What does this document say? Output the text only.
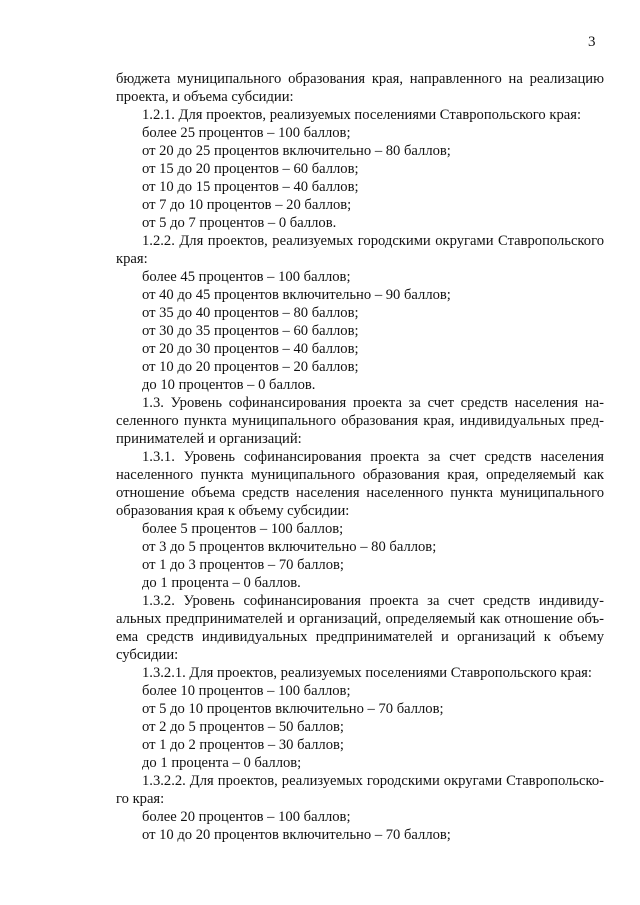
3
бюджета муниципального образования края, направленного на реализацию
проекта, и объема субсидии:
1.2.1. Для проектов, реализуемых поселениями Ставропольского края:
более 25 процентов – 100 баллов;
от 20 до 25 процентов включительно – 80 баллов;
от 15 до 20 процентов – 60 баллов;
от 10 до 15 процентов – 40 баллов;
от 7 до 10 процентов – 20 баллов;
от 5 до 7 процентов – 0 баллов.
1.2.2. Для проектов, реализуемых городскими округами Ставропольского
края:
более 45 процентов – 100 баллов;
от 40 до 45 процентов включительно – 90 баллов;
от 35 до 40 процентов – 80 баллов;
от 30 до 35 процентов – 60 баллов;
от 20 до 30 процентов – 40 баллов;
от 10 до 20 процентов – 20 баллов;
до 10 процентов – 0 баллов.
1.3. Уровень софинансирования проекта за счет средств населения на-
селенного пункта муниципального образования края, индивидуальных пред-
принимателей и организаций:
1.3.1. Уровень софинансирования проекта за счет средств населения
населенного пункта муниципального образования края, определяемый как
отношение объема средств населения населенного пункта муниципального
образования края к объему субсидии:
более 5 процентов – 100 баллов;
от 3 до 5 процентов включительно – 80 баллов;
от 1 до 3 процентов – 70 баллов;
до 1 процента – 0 баллов.
1.3.2. Уровень софинансирования проекта за счет средств индивиду-
альных предпринимателей и организаций, определяемый как отношение объ-
ема средств индивидуальных предпринимателей и организаций к объему
субсидии:
1.3.2.1. Для проектов, реализуемых поселениями Ставропольского края:
более 10 процентов – 100 баллов;
от 5 до 10 процентов включительно – 70 баллов;
от 2 до 5 процентов – 50 баллов;
от 1 до 2 процентов – 30 баллов;
до 1 процента – 0 баллов;
1.3.2.2. Для проектов, реализуемых городскими округами Ставропольско-
го края:
более 20 процентов – 100 баллов;
от 10 до 20 процентов включительно – 70 баллов;
